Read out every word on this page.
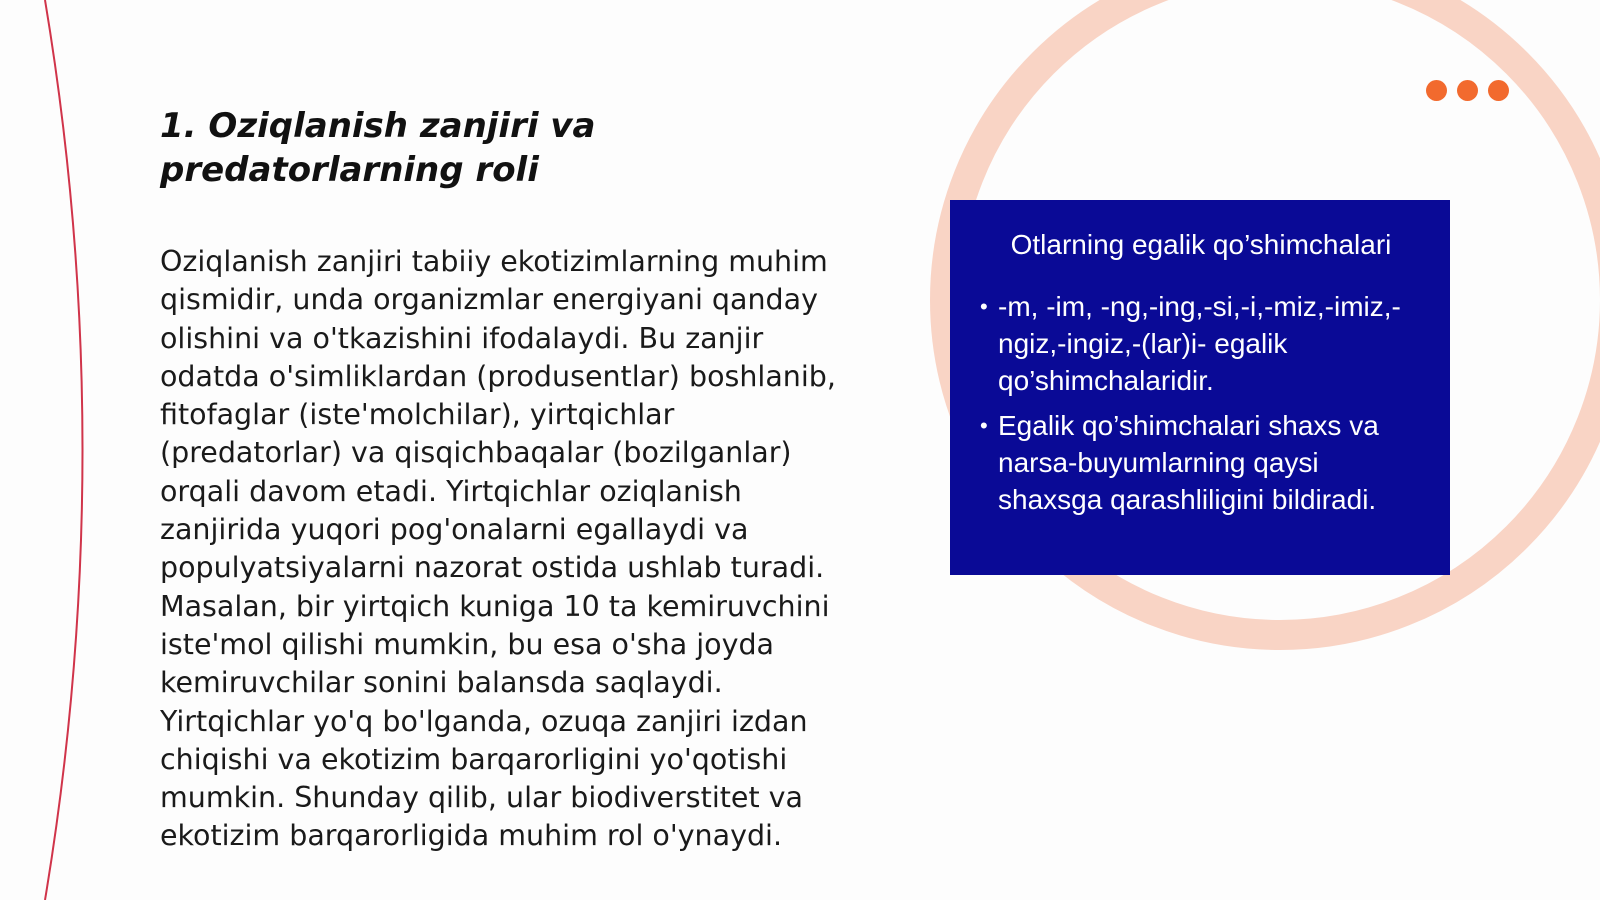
1. Oziqlanish zanjiri va predatorlarning roli

Oziqlanish zanjiri tabiiy ekotizimlarning muhim qismidir, unda organizmlar energiyani qanday olishini va o'tkazishini ifodalaydi. Bu zanjir odatda o'simliklardan (produsentlar) boshlanib, fitofaglar (iste'molchilar), yirtqichlar (predatorlar) va qisqichbaqalar (bozilganlar) orqali davom etadi. Yirtqichlar oziqlanish zanjirida yuqori pog'onalarni egallaydi va populyatsiyalarni nazorat ostida ushlab turadi. Masalan, bir yirtqich kuniga 10 ta kemiruvchini iste'mol qilishi mumkin, bu esa o'sha joyda kemiruvchilar sonini balansda saqlaydi. Yirtqichlar yo'q bo'lganda, ozuqa zanjiri izdan chiqishi va ekotizim barqarorligini yo'qotishi mumkin. Shunday qilib, ular biodiverstitet va ekotizim barqarorligida muhim rol o'ynaydi.

Otlarning egalik qo’shimchalari
• -m, -im, -ng,-ing,-si,-i,-miz,-imiz,-ngiz,-ingiz,-(lar)i- egalik qo’shimchalaridir.
• Egalik qo’shimchalari shaxs va narsa-buyumlarning qaysi shaxsga qarashliligini bildiradi.
